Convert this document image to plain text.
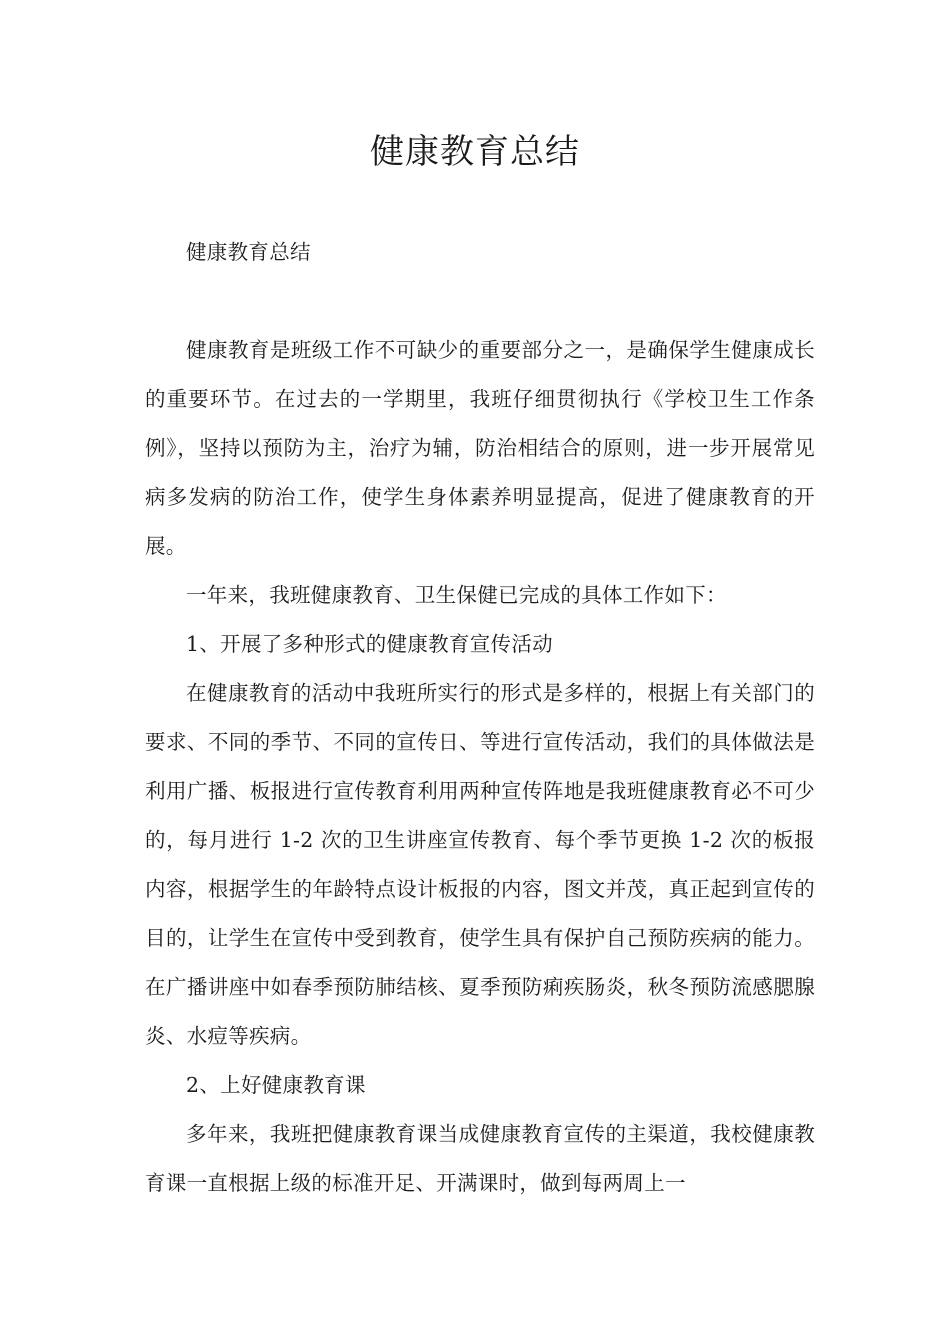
健康教育总结

健康教育总结

健康教育是班级工作不可缺少的重要部分之一，是确保学生健康成长的重要环节。在过去的一学期里，我班仔细贯彻执行《学校卫生工作条例》，坚持以预防为主，治疗为辅，防治相结合的原则，进一步开展常见病多发病的防治工作，使学生身体素养明显提高，促进了健康教育的开展。

一年来，我班健康教育、卫生保健已完成的具体工作如下：

1、开展了多种形式的健康教育宣传活动

在健康教育的活动中我班所实行的形式是多样的，根据上有关部门的要求、不同的季节、不同的宣传日、等进行宣传活动，我们的具体做法是利用广播、板报进行宣传教育利用两种宣传阵地是我班健康教育必不可少的，每月进行 1-2 次的卫生讲座宣传教育、每个季节更换 1-2 次的板报内容，根据学生的年龄特点设计板报的内容，图文并茂，真正起到宣传的目的，让学生在宣传中受到教育，使学生具有保护自己预防疾病的能力。在广播讲座中如春季预防肺结核、夏季预防痢疾肠炎，秋冬预防流感腮腺炎、水痘等疾病。

2、上好健康教育课

多年来，我班把健康教育课当成健康教育宣传的主渠道，我校健康教育课一直根据上级的标准开足、开满课时，做到每两周上一
